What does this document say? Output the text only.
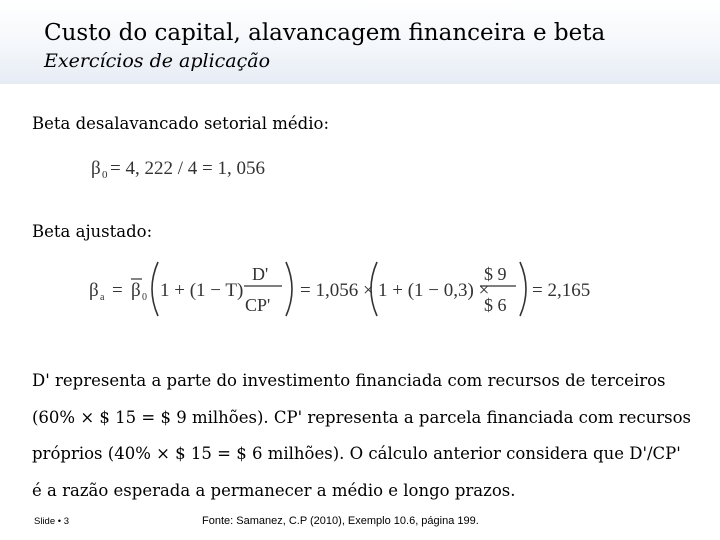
Custo do capital, alavancagem financeira e beta
Exercícios de aplicação
Beta desalavancado setorial médio:
β 0 = 4, 222 / 4 = 1, 056
β a = β 0 1 + (1 − T)
D'
CP'
= 1,056 × 1 + (1 − 0,3) ×
$ 9
$ 6
= 2,165
Beta ajustado:
D' representa a parte do investimento financiada com recursos de terceiros
(60% × $ 15 = $ 9 milhões). CP' representa a parcela financiada com recursos
próprios (40% × $ 15 = $ 6 milhões). O cálculo anterior considera que D'/CP'
é a razão esperada a permanecer a médio e longo prazos.
Slide • 3	Fonte: Samanez, C.P (2010), Exemplo 10.6, página 199.
